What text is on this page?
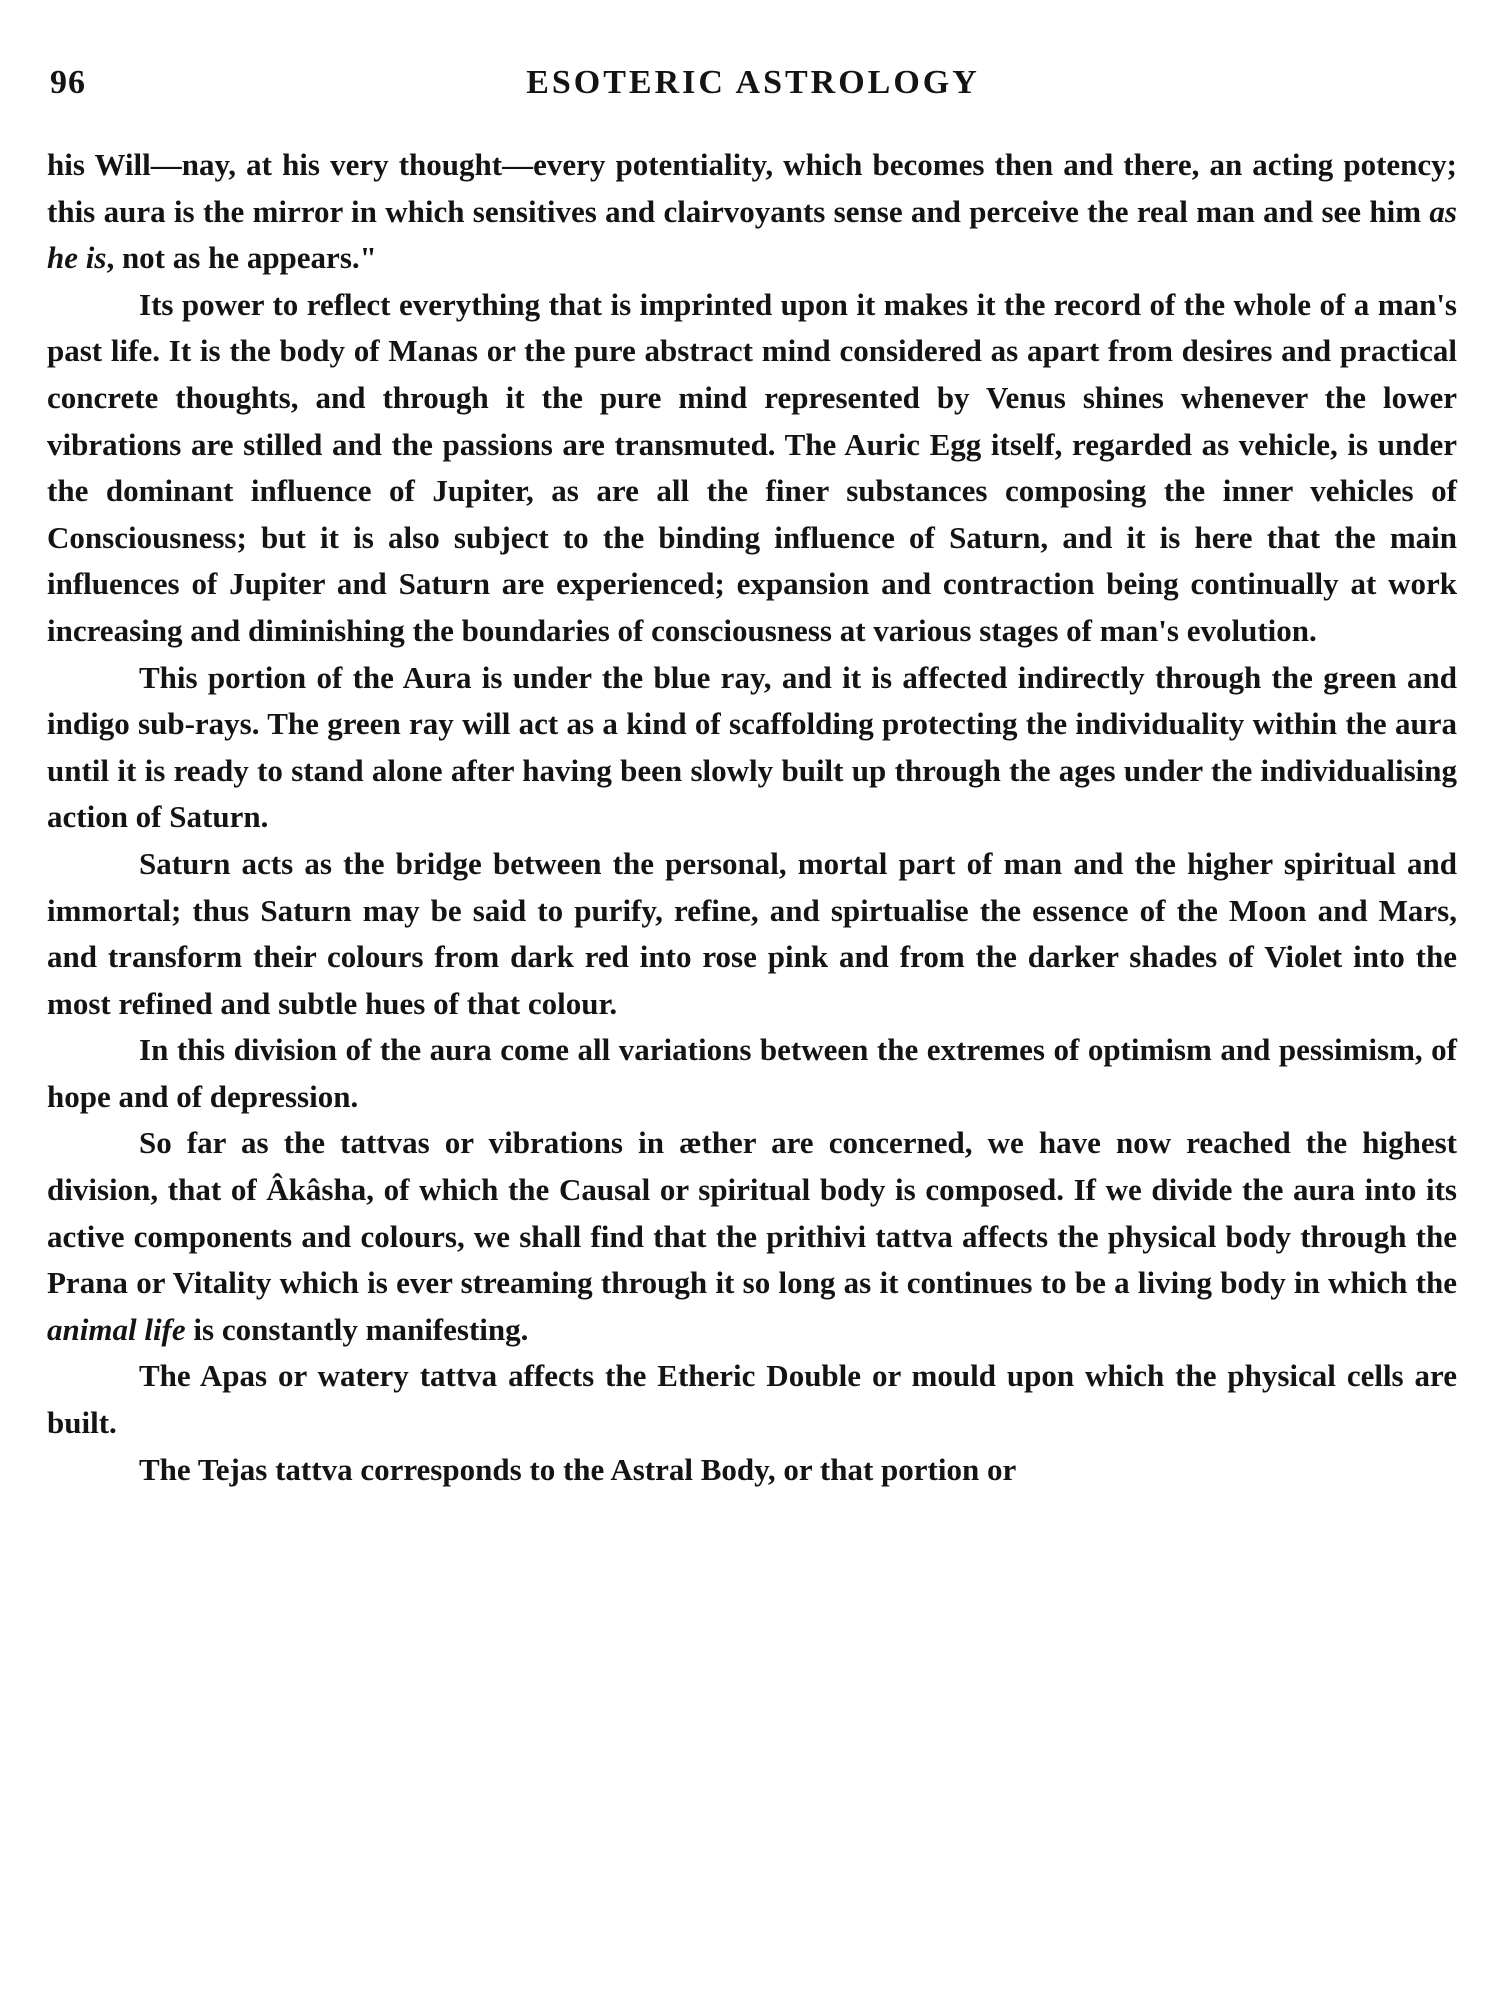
96	ESOTERIC ASTROLOGY

his Will—nay, at his very thought—every potentiality, which becomes then and there, an acting potency; this aura is the mirror in which sensitives and clairvoyants sense and perceive the real man and see him as he is, not as he appears."

Its power to reflect everything that is imprinted upon it makes it the record of the whole of a man's past life. It is the body of Manas or the pure abstract mind considered as apart from desires and practical concrete thoughts, and through it the pure mind represented by Venus shines whenever the lower vibrations are stilled and the passions are transmuted. The Auric Egg itself, regarded as vehicle, is under the dominant influence of Jupiter, as are all the finer substances composing the inner vehicles of Consciousness; but it is also subject to the binding influence of Saturn, and it is here that the main influences of Jupiter and Saturn are experienced; expansion and contraction being continually at work increasing and diminishing the boundaries of consciousness at various stages of man's evolution.

This portion of the Aura is under the blue ray, and it is affected indirectly through the green and indigo sub-rays. The green ray will act as a kind of scaffolding protecting the individuality within the aura until it is ready to stand alone after having been slowly built up through the ages under the individualising action of Saturn.

Saturn acts as the bridge between the personal, mortal part of man and the higher spiritual and immortal; thus Saturn may be said to purify, refine, and spirtualise the essence of the Moon and Mars, and transform their colours from dark red into rose pink and from the darker shades of Violet into the most refined and subtle hues of that colour.

In this division of the aura come all variations between the extremes of optimism and pessimism, of hope and of depression.

So far as the tattvas or vibrations in æther are concerned, we have now reached the highest division, that of Âkâsha, of which the Causal or spiritual body is composed. If we divide the aura into its active components and colours, we shall find that the prithivi tattva affects the physical body through the Prana or Vitality which is ever streaming through it so long as it continues to be a living body in which the animal life is constantly manifesting.

The Apas or watery tattva affects the Etheric Double or mould upon which the physical cells are built.

The Tejas tattva corresponds to the Astral Body, or that portion or
